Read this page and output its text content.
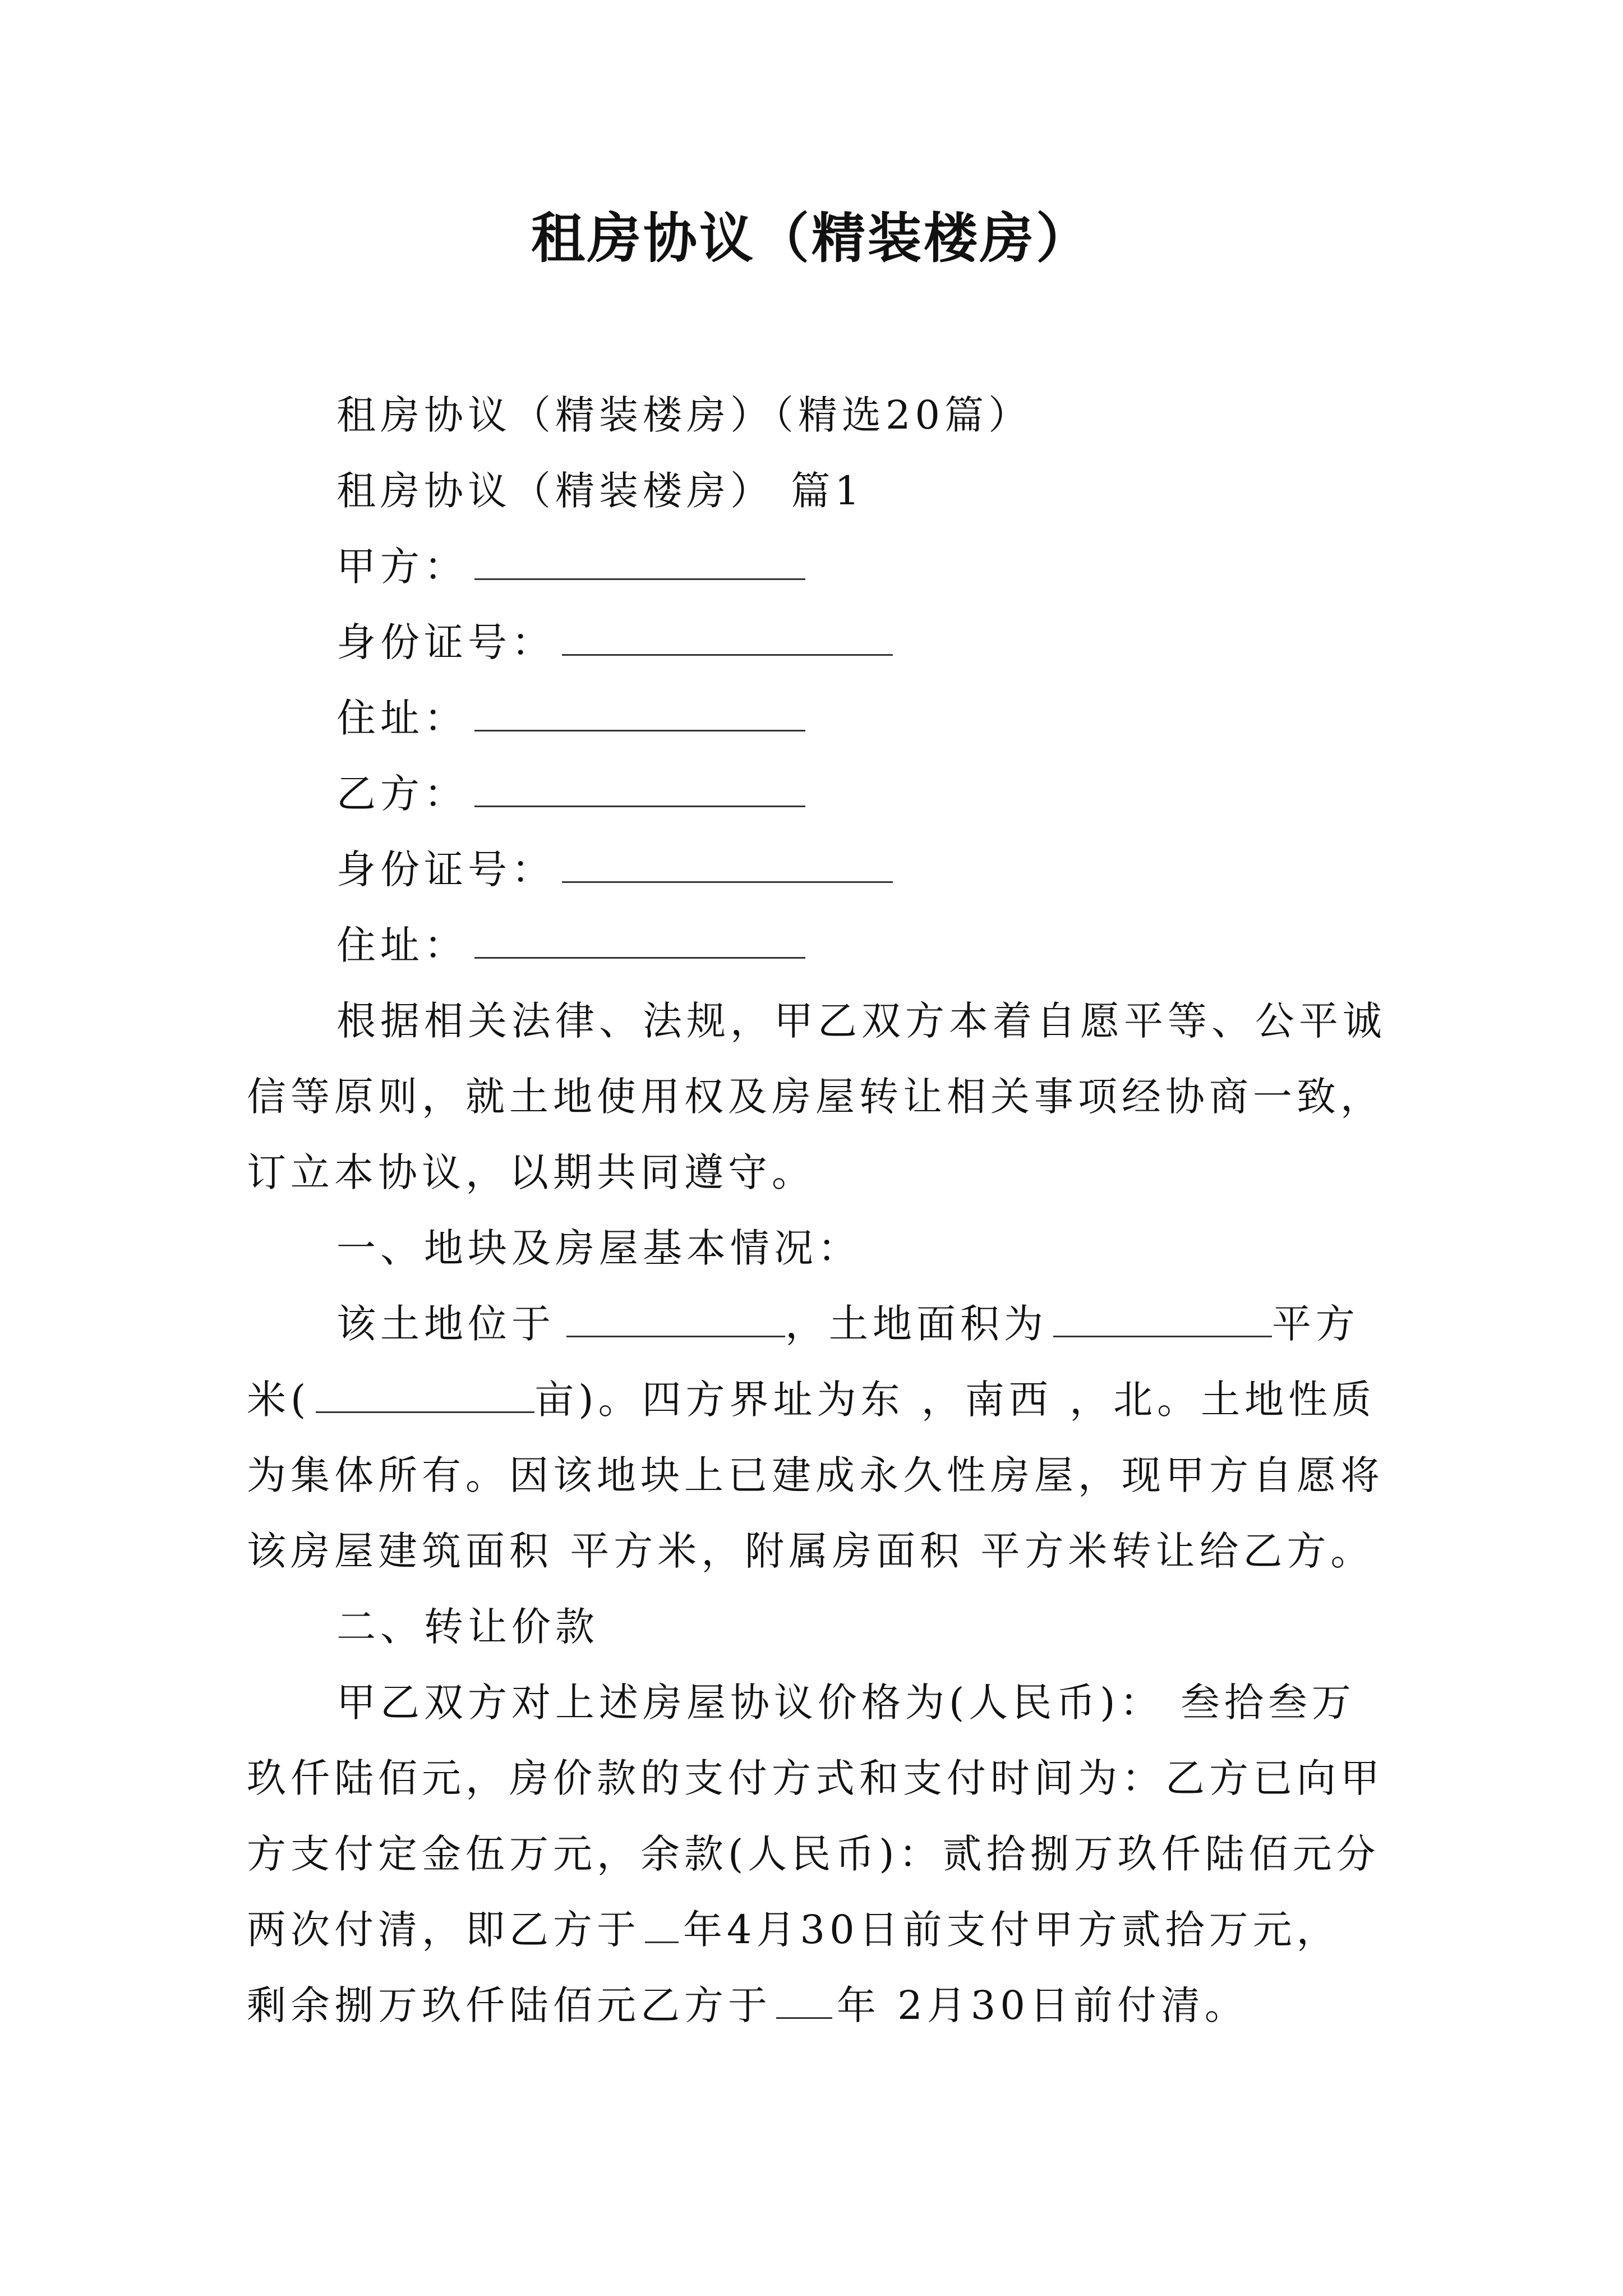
租房协议（精装楼房）
租房协议（精装楼房）（精选20篇）
租房协议（精装楼房） 篇1
甲方：
身份证号：
住址：
乙方：
身份证号：
住址：
根据相关法律、法规，甲乙双方本着自愿平等、公平诚
信等原则，就土地使用权及房屋转让相关事项经协商一致，
订立本协议，以期共同遵守。
一、地块及房屋基本情况：
该土地位于	，土地面积为	平方
米(	亩)。四方界址为东 ，南西 ，北。土地性质
为集体所有。因该地块上已建成永久性房屋，现甲方自愿将
该房屋建筑面积 平方米，附属房面积 平方米转让给乙方。
二、转让价款
甲乙双方对上述房屋协议价格为(人民币)： 叁拾叁万
玖仟陆佰元，房价款的支付方式和支付时间为：乙方已向甲
方支付定金伍万元，余款(人民币)：贰拾捌万玖仟陆佰元分
两次付清，即乙方于 年4月30日前支付甲方贰拾万元，
剩余捌万玖仟陆佰元乙方于 年 2月30日前付清。
